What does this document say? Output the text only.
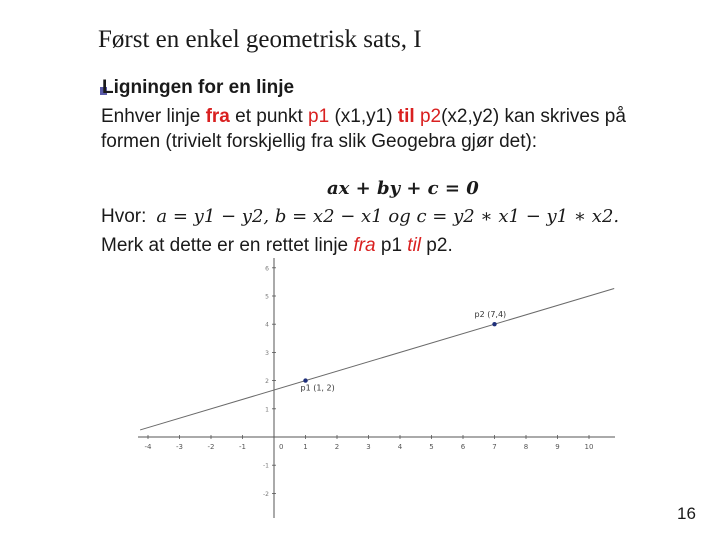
Først en enkel geometrisk sats, I
Ligningen for en linje
Enhver linje fra et punkt p1 (x1,y1) til p2(x2,y2) kan skrives på
formen (trivielt forskjellig fra slik Geogebra gjør det):
ax + by + c = 0
Hvor: a = y1 − y2, b = x2 − x1 og c = y2 ∗ x1 − y1 ∗ x2.
Merk at dette er en rettet linje fra p1 til p2.
-4	-3	-2	-1	0	1	2	3	4	5	6	7	8	9	10
-2
-1
1
2
3
4
5
6
p1 (1, 2)
p2 (7,4)
16
